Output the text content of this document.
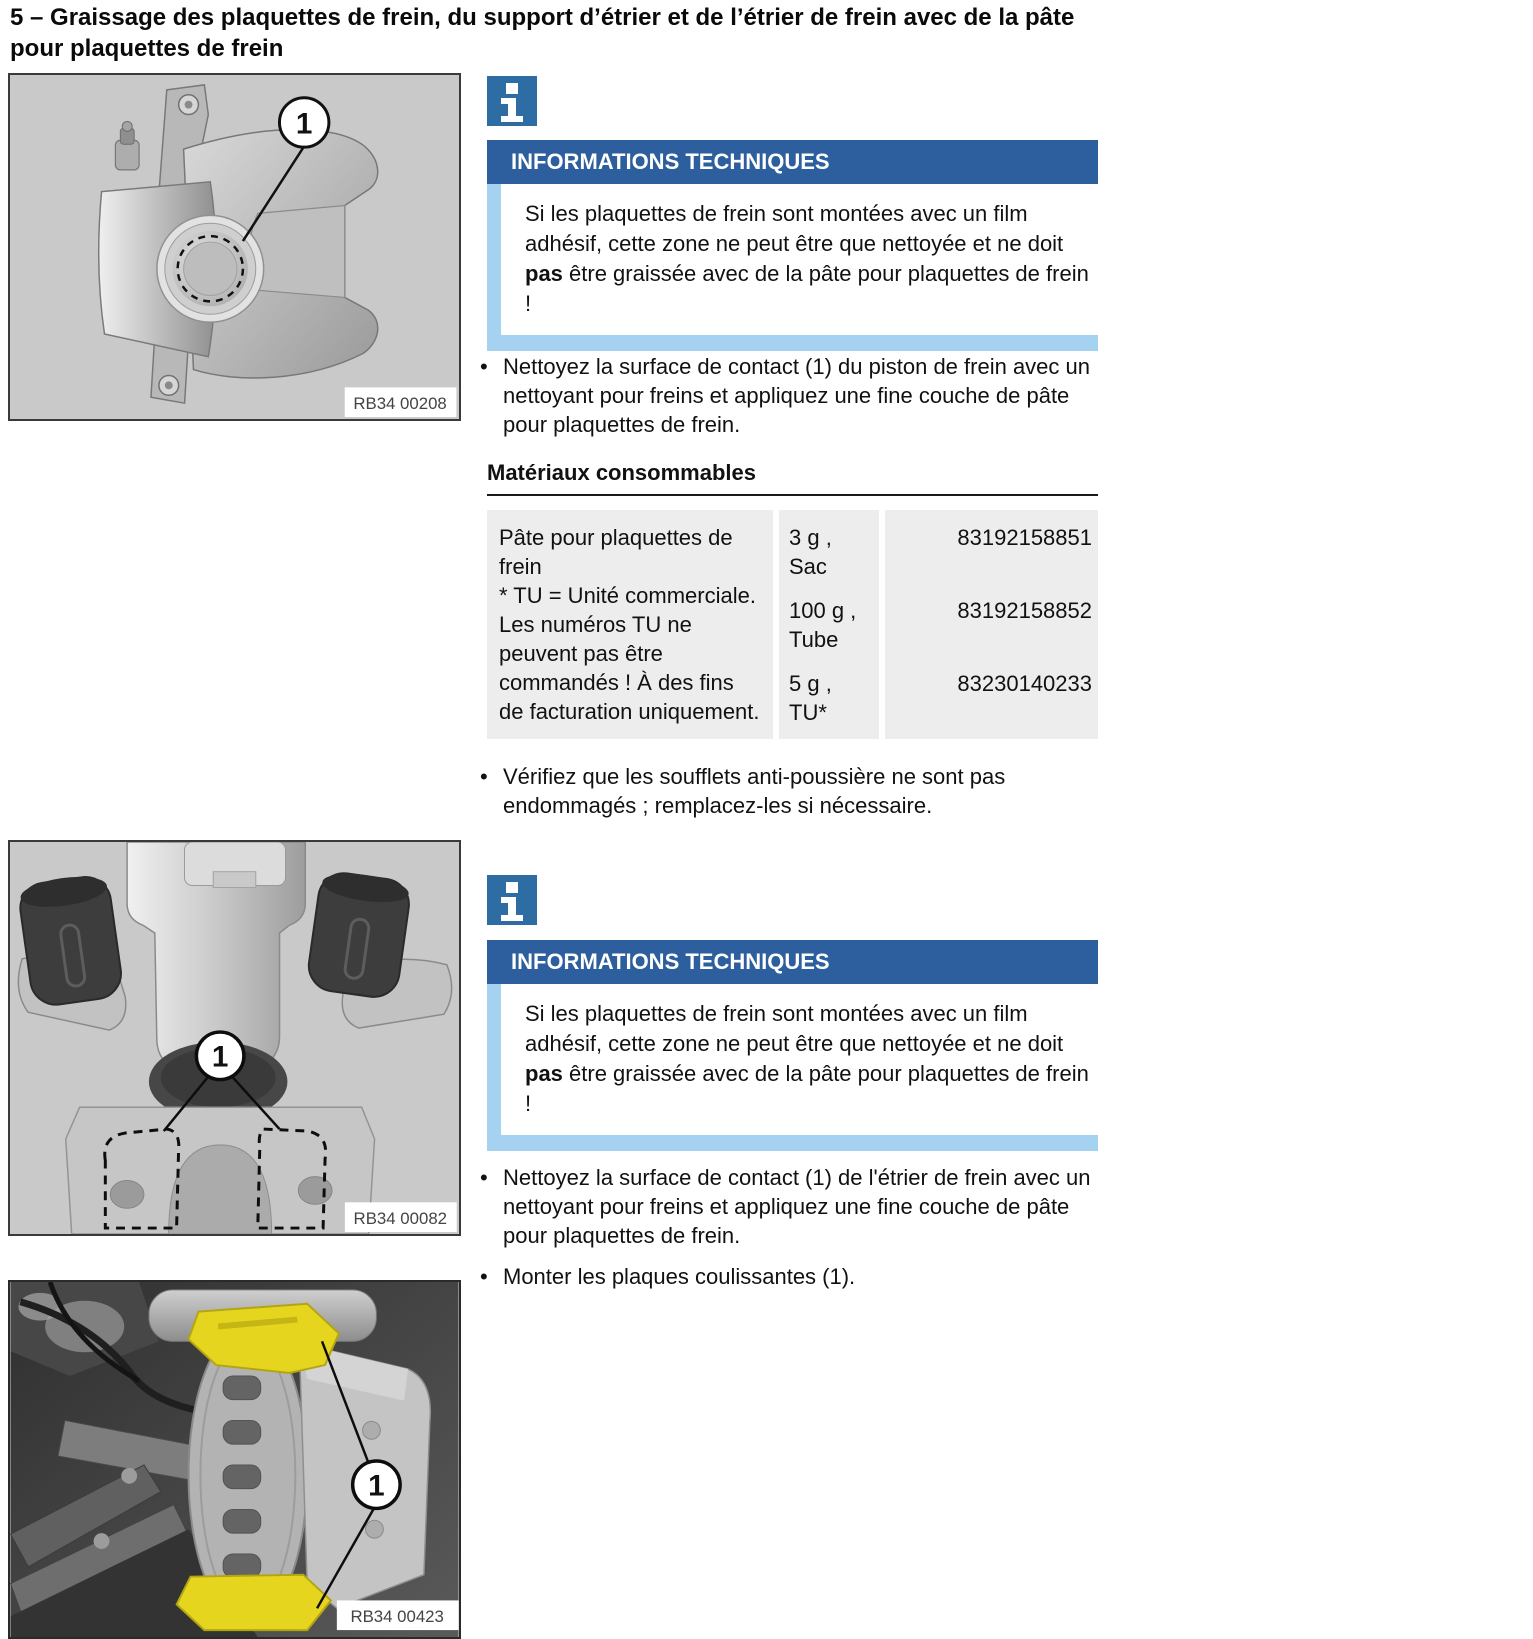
5 – Graissage des plaquettes de frein, du support d’étrier et de l’étrier de frein avec de la pâte pour plaquettes de frein
1
RB34 00208
INFORMATIONS TECHNIQUES
Si les plaquettes de frein sont montées avec un film adhésif, cette zone ne peut être que nettoyée et ne doit pas être graissée avec de la pâte pour plaquettes de frein !
•
Nettoyez la surface de contact (1) du piston de frein avec un nettoyant pour freins et appliquez une fine couche de pâte pour plaquettes de frein.
Matériaux consommables
Pâte pour plaquettes de frein
* TU = Unité commerciale. Les numéros TU ne peuvent pas être commandés ! À des fins de facturation uniquement.
3 g ,
Sac
83192158851
100 g ,
Tube
83192158852
5 g ,
TU*
83230140233
•
Vérifiez que les soufflets anti-poussière ne sont pas endommagés ; remplacez-les si nécessaire.
1
RB34 00082
INFORMATIONS TECHNIQUES
Si les plaquettes de frein sont montées avec un film adhésif, cette zone ne peut être que nettoyée et ne doit pas être graissée avec de la pâte pour plaquettes de frein !
•
Nettoyez la surface de contact (1) de l'étrier de frein avec un nettoyant pour freins et appliquez une fine couche de pâte pour plaquettes de frein.
•
Monter les plaques coulissantes (1).
1
RB34 00423
